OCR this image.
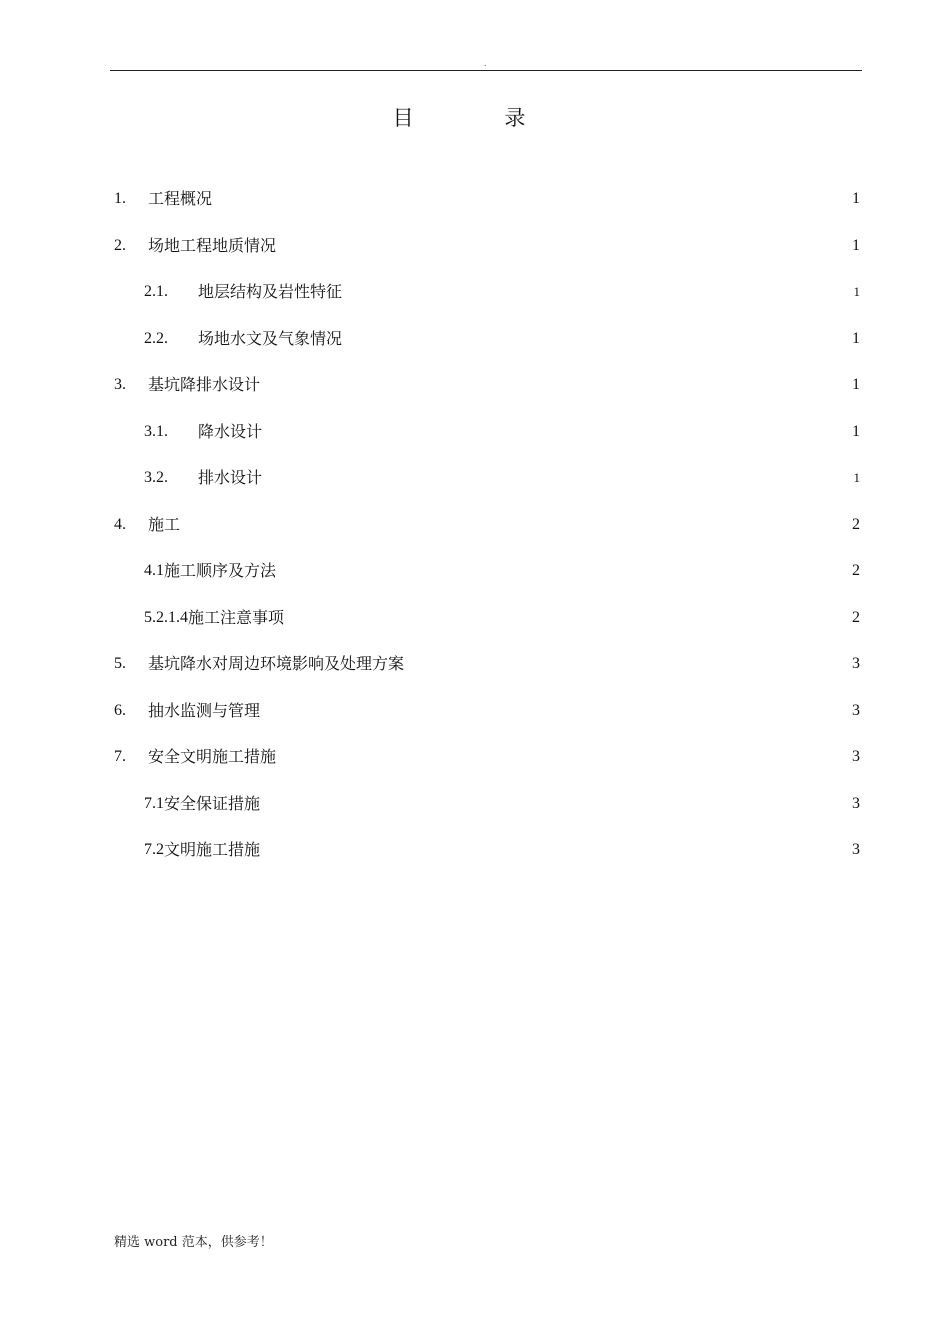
.
目 录
1.	工程概况	1
2.	场地工程地质情况	1
2.1.	地层结构及岩性特征	1
2.2.	场地水文及气象情况	1
3.	基坑降排水设计	1
3.1.	降水设计	1
3.2.	排水设计	1
4.	施工	2
4.1 施工顺序及方法	2
5.2.1.4 施工注意事项	2
5.	基坑降水对周边环境影响及处理方案	3
6.	抽水监测与管理	3
7.	安全文明施工措施	3
7.1 安全保证措施	3
7.2 文明施工措施	3
精选 word 范本，供参考！
